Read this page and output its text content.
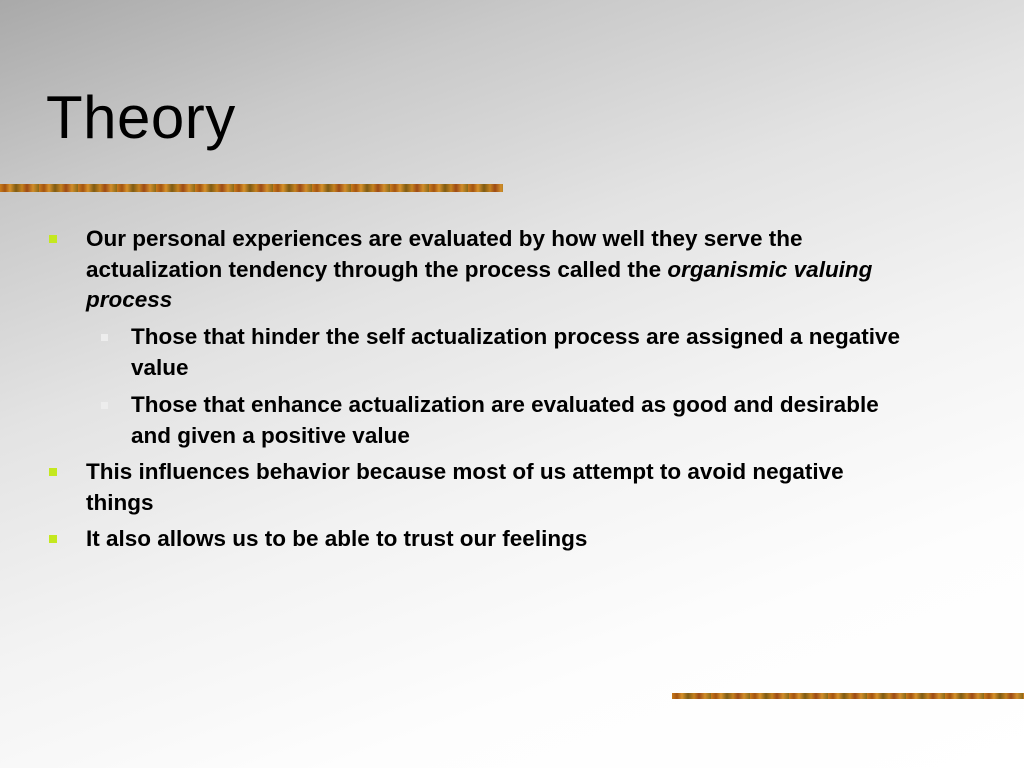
Theory
Our personal experiences are evaluated by how well they serve the actualization tendency through the process called the organismic valuing process
Those that hinder the self actualization process are assigned a negative value
Those that enhance actualization are evaluated as good and desirable and given a positive value
This influences behavior because most of us attempt to avoid negative things
It also allows us to be able to trust our feelings
